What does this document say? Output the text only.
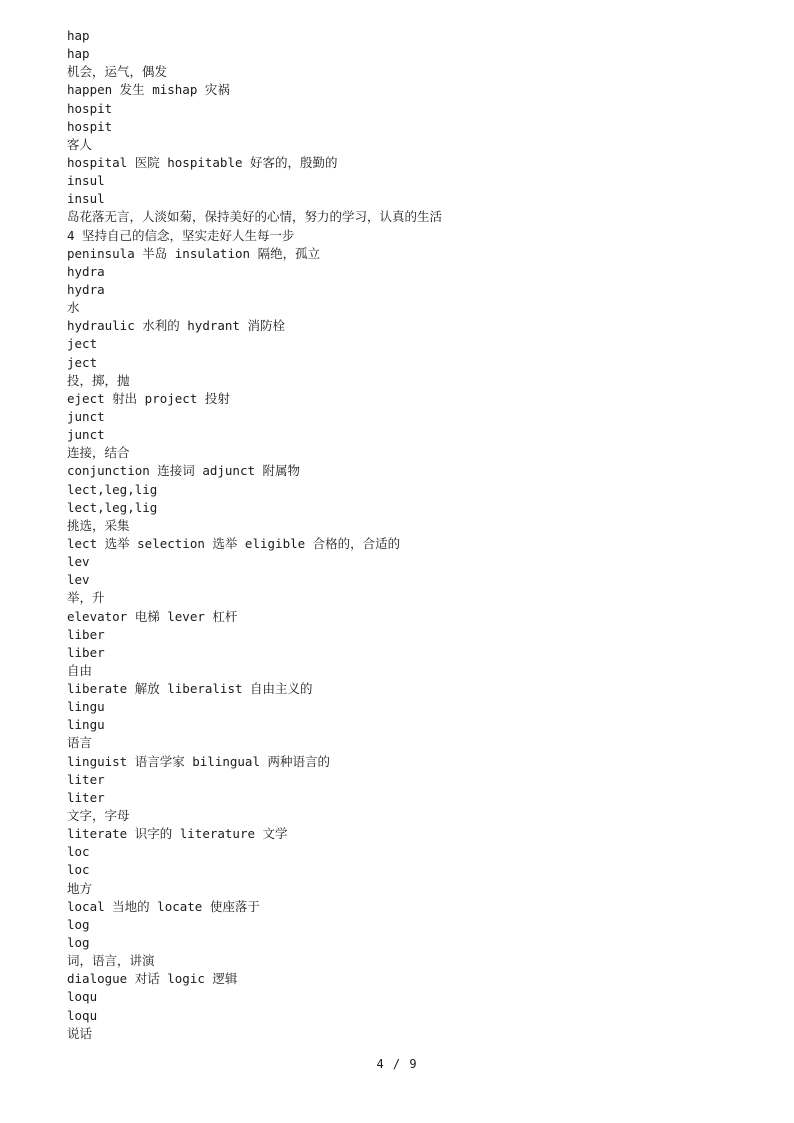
hap
hap
机会，运气，偶发
happen 发生 mishap 灾祸
hospit
hospit
客人
hospital 医院 hospitable 好客的，殷勤的
insul
insul
岛花落无言，人淡如菊，保持美好的心情，努力的学习，认真的生活
4 坚持自己的信念，坚实走好人生每一步
peninsula 半岛 insulation 隔绝，孤立
hydra
hydra
水
hydraulic 水利的 hydrant 消防栓
ject
ject
投，掷，抛
eject 射出 project 投射
junct
junct
连接，结合
conjunction 连接词 adjunct 附属物
lect,leg,lig
lect,leg,lig
挑选，采集
lect 选举 selection 选举 eligible 合格的，合适的
lev
lev
举，升
elevator 电梯 lever 杠杆
liber
liber
自由
liberate 解放 liberalist 自由主义的
lingu
lingu
语言
linguist 语言学家 bilingual 两种语言的
liter
liter
文字，字母
literate 识字的 literature 文学
loc
loc
地方
local 当地的 locate 使座落于
log
log
词，语言，讲演
dialogue 对话 logic 逻辑
loqu
loqu
说话
4 / 9
